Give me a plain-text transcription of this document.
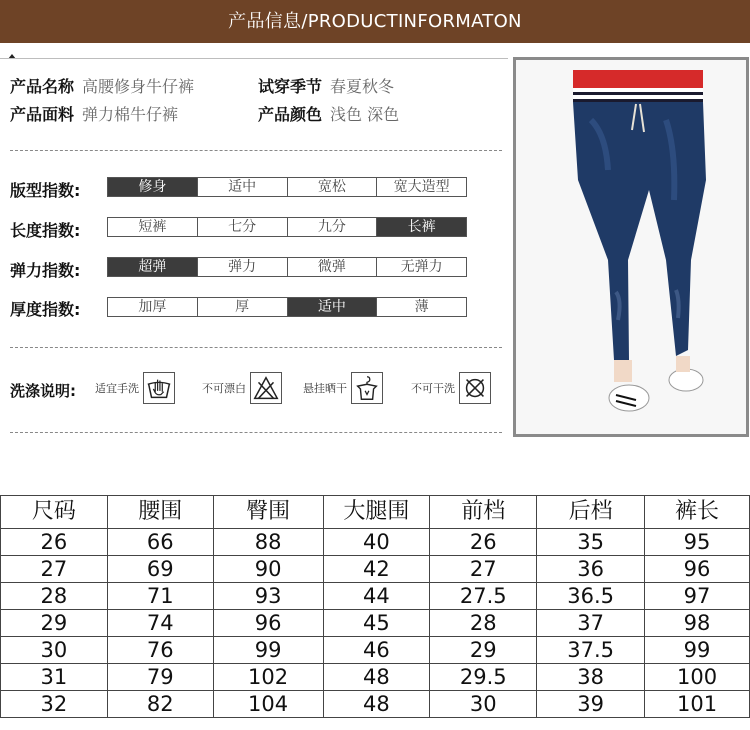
产品信息/PRODUCTINFORMATON
产品名称 高腰修身牛仔裤	试穿季节 春夏秋冬
产品面料 弹力棉牛仔裤	产品颜色 浅色 深色
版型指数:	修身	适中	宽松	宽大造型
长度指数:	短裤	七分	九分	长裤
弹力指数:	超弹	弹力	微弹	无弹力
厚度指数:	加厚	厚	适中	薄
洗涤说明: 适宜手洗	不可漂白	悬挂晒干	不可干洗
尺码	腰围	臀围	大腿围	前档	后档	裤长
26	66	88	40	26	35	95
27	69	90	42	27	36	96
28	71	93	44	27.5	36.5	97
29	74	96	45	28	37	98
30	76	99	46	29	37.5	99
31	79	102	48	29.5	38	100
32	82	104	48	30	39	101
